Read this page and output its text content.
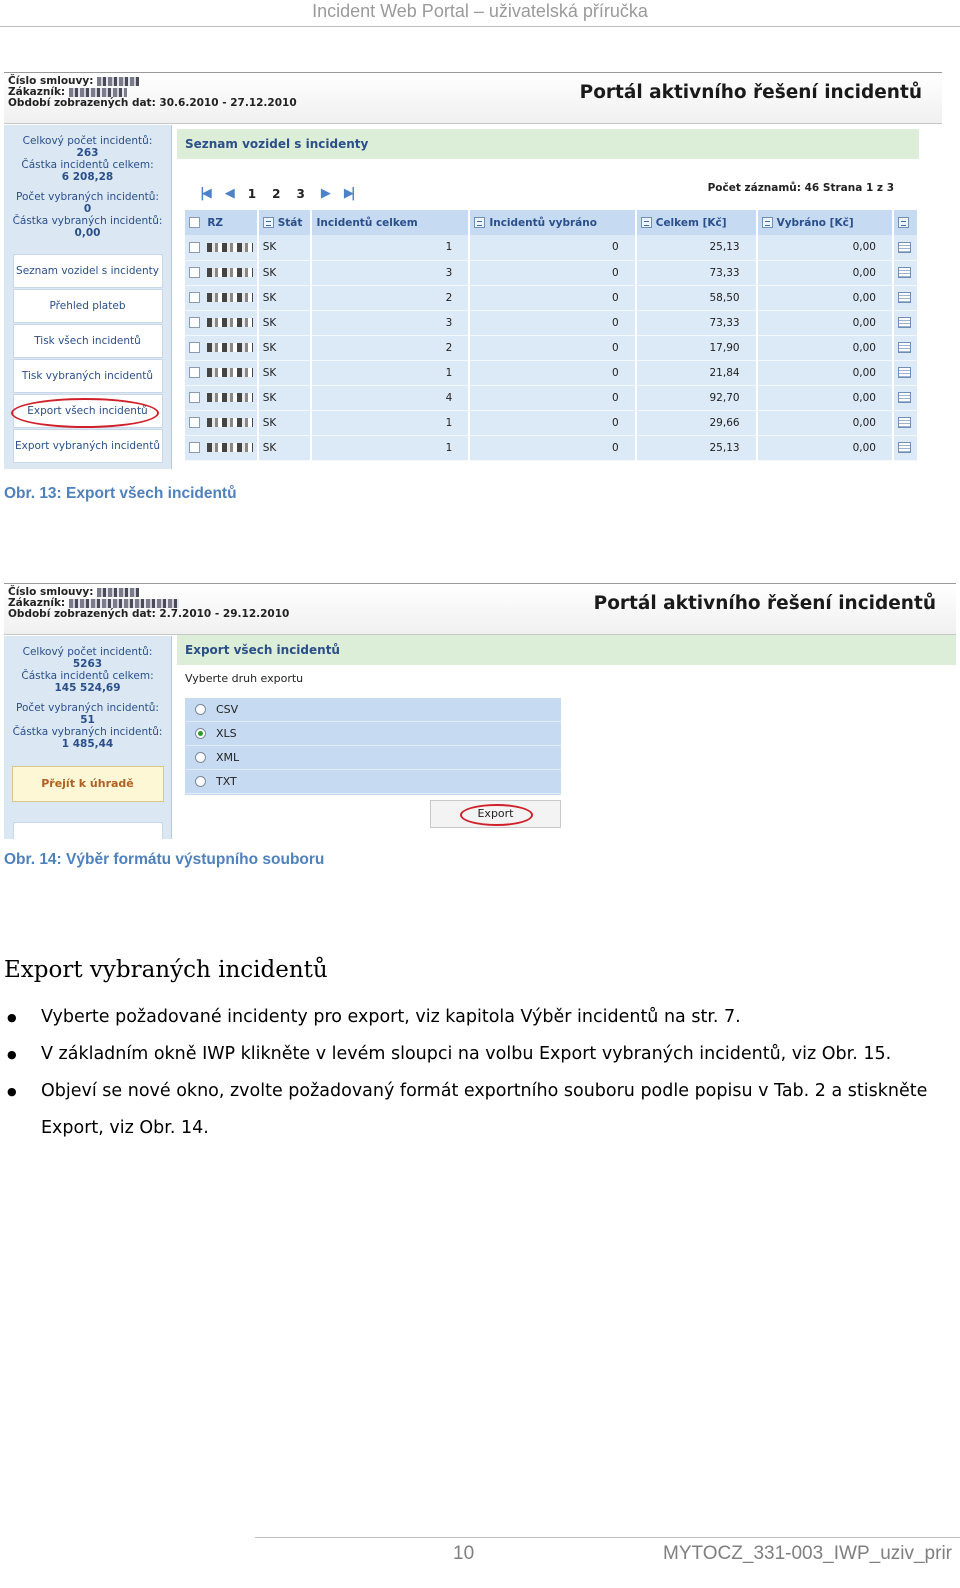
Incident Web Portal – uživatelská příručka
Číslo smlouvy:
Zákazník:
Období zobrazených dat: 30.6.2010 - 27.12.2010	Portál aktivního řešení incidentů
Celkový počet incidentů:
263
Částka incidentů celkem:
6 208,28
Počet vybraných incidentů:
0
Částka vybraných incidentů:
0,00
Seznam vozidel s incidenty
Přehled plateb
Tisk všech incidentů
Tisk vybraných incidentů
Export všech incidentů
Export vybraných incidentů
Seznam vozidel s incidenty
|◀ ◀ 1 2 3 ▶ ▶|	Počet záznamů: 46 Strana 1 z 3
RZ	Stát	Incidentů celkem	Incidentů vybráno	Celkem [Kč]	Vybráno [Kč]	
	SK	1	0	25,13	0,00	
	SK	3	0	73,33	0,00	
	SK	2	0	58,50	0,00	
	SK	3	0	73,33	0,00	
	SK	2	0	17,90	0,00	
	SK	1	0	21,84	0,00	
	SK	4	0	92,70	0,00	
	SK	1	0	29,66	0,00	
	SK	1	0	25,13	0,00	
Obr. 13: Export všech incidentů
Číslo smlouvy:
Zákazník:
Období zobrazených dat: 2.7.2010 - 29.12.2010	Portál aktivního řešení incidentů
Celkový počet incidentů:
5263
Částka incidentů celkem:
145 524,69
Počet vybraných incidentů:
51
Částka vybraných incidentů:
1 485,44
Přejít k úhradě
Export všech incidentů
Vyberte druh exportu
CSV
XLS
XML
TXT
Export
Obr. 14: Výběr formátu výstupního souboru
Export vybraných incidentů
● Vyberte požadované incidenty pro export, viz kapitola Výběr incidentů na str. 7.
● V základním okně IWP klikněte v levém sloupci na volbu Export vybraných incidentů, viz Obr. 15.
● Objeví se nové okno, zvolte požadovaný formát exportního souboru podle popisu v Tab. 2 a stiskněte Export, viz Obr. 14.
10	MYTOCZ_331-003_IWP_uziv_prir
